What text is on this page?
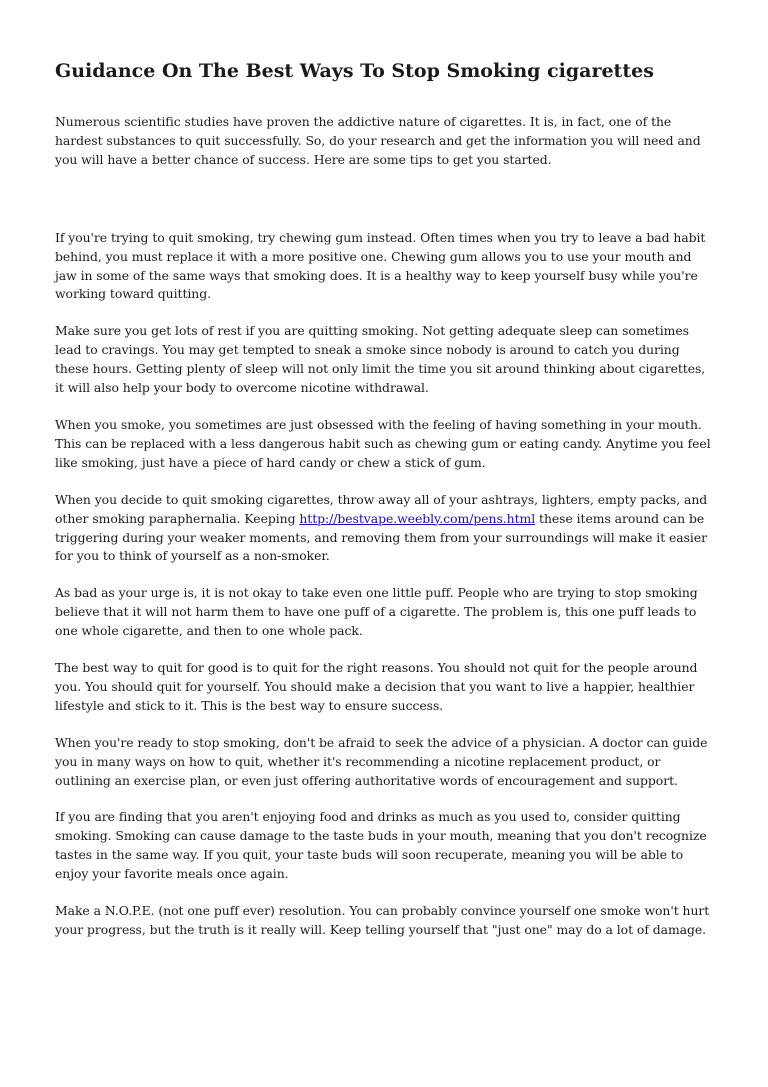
Guidance On The Best Ways To Stop Smoking cigarettes

Numerous scientific studies have proven the addictive nature of cigarettes. It is, in fact, one of the hardest substances to quit successfully. So, do your research and get the information you will need and you will have a better chance of success. Here are some tips to get you started.

If you're trying to quit smoking, try chewing gum instead. Often times when you try to leave a bad habit behind, you must replace it with a more positive one. Chewing gum allows you to use your mouth and jaw in some of the same ways that smoking does. It is a healthy way to keep yourself busy while you're working toward quitting.

Make sure you get lots of rest if you are quitting smoking. Not getting adequate sleep can sometimes lead to cravings. You may get tempted to sneak a smoke since nobody is around to catch you during these hours. Getting plenty of sleep will not only limit the time you sit around thinking about cigarettes, it will also help your body to overcome nicotine withdrawal.

When you smoke, you sometimes are just obsessed with the feeling of having something in your mouth. This can be replaced with a less dangerous habit such as chewing gum or eating candy. Anytime you feel like smoking, just have a piece of hard candy or chew a stick of gum.

When you decide to quit smoking cigarettes, throw away all of your ashtrays, lighters, empty packs, and other smoking paraphernalia. Keeping http://bestvape.weebly.com/pens.html these items around can be triggering during your weaker moments, and removing them from your surroundings will make it easier for you to think of yourself as a non-smoker.

As bad as your urge is, it is not okay to take even one little puff. People who are trying to stop smoking believe that it will not harm them to have one puff of a cigarette. The problem is, this one puff leads to one whole cigarette, and then to one whole pack.

The best way to quit for good is to quit for the right reasons. You should not quit for the people around you. You should quit for yourself. You should make a decision that you want to live a happier, healthier lifestyle and stick to it. This is the best way to ensure success.

When you're ready to stop smoking, don't be afraid to seek the advice of a physician. A doctor can guide you in many ways on how to quit, whether it's recommending a nicotine replacement product, or outlining an exercise plan, or even just offering authoritative words of encouragement and support.

If you are finding that you aren't enjoying food and drinks as much as you used to, consider quitting smoking. Smoking can cause damage to the taste buds in your mouth, meaning that you don't recognize tastes in the same way. If you quit, your taste buds will soon recuperate, meaning you will be able to enjoy your favorite meals once again.

Make a N.O.P.E. (not one puff ever) resolution. You can probably convince yourself one smoke won't hurt your progress, but the truth is it really will. Keep telling yourself that "just one" may do a lot of damage.
